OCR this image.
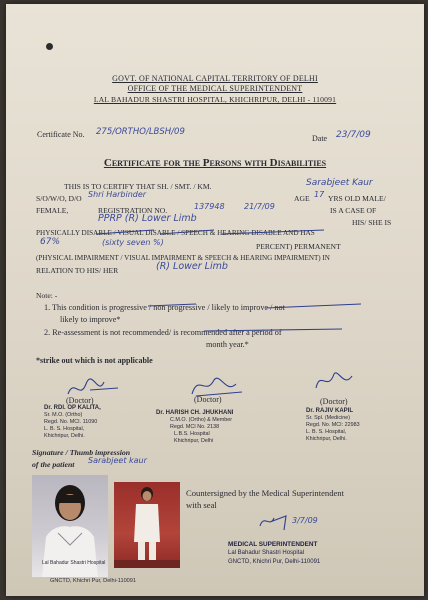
GOVT. OF NATIONAL CAPITAL TERRITORY OF DELHI
OFFICE OF THE MEDICAL SUPERINTENDENT
LAL BAHADUR SHASTRI HOSPITAL, KHICHRIPUR, DELHI - 110091
Certificate No. 275/ORTHO/LBSH/09
Date 23/7/09
Certificate for the Persons with Disabilities
THIS IS TO CERTIFY THAT SH. / SMT. / KM.	Sarabjeet Kaur
S/O/W/O, D/O Shri Harbinder	AGE 17 YRS OLD MALE/
FEMALE,	REGISTRATION NO.	137948 21/7/09	IS A CASE OF
PPRP (R) Lower Limb	HIS/ SHE IS
PHYSICALLY DISABLE / VISUAL DISABLE / SPEECH & HEARING DISABLE AND HAS
67%	(sixty seven %)	PERCENT) PERMANENT
(PHYSICAL IMPAIRMENT / VISUAL IMPAIRMENT & SPEECH & HEARING IMPAIRMENT) IN
RELATION TO HIS/ HER	(R) Lower Limb
Note: -
1. This condition is progressive / non progressive / likely to improve / not
likely to improve*
2. Re-assessment is not recommended/ is recommended after a period of
month year.*
*strike out which is not applicable
(Doctor)	(Doctor)	(Doctor)
Dr. RDI. OP KALITA,
Sr. M.O. (Ortho)
Regd. No. MCI. 11090
L. B. S. Hospital,
Khichripur, Delhi.
Dr. HARISH CH. JHUKHANI
C.M.O. (Ortho) & Member
Regd. MCI No. 2138
L.B.S. Hospital
Khichripur, Delhi
Dr. RAJIV KAPIL
Sr. Spl. (Medicine)
Regd. No. MCI: 22983
L. B. S. Hospital,
Khichripur, Delhi.
Signature / Thumb impression
of the patient Sarabjeet kaur
Lal Bahadur Shastri Hospital
GNCTD, Khichri Pur, Delhi-110091
Countersigned by the Medical Superintendent
with seal
3/7/09
MEDICAL SUPERINTENDENT
Lal Bahadur Shastri Hospital
GNCTD, Khichri Pur, Delhi-110091
